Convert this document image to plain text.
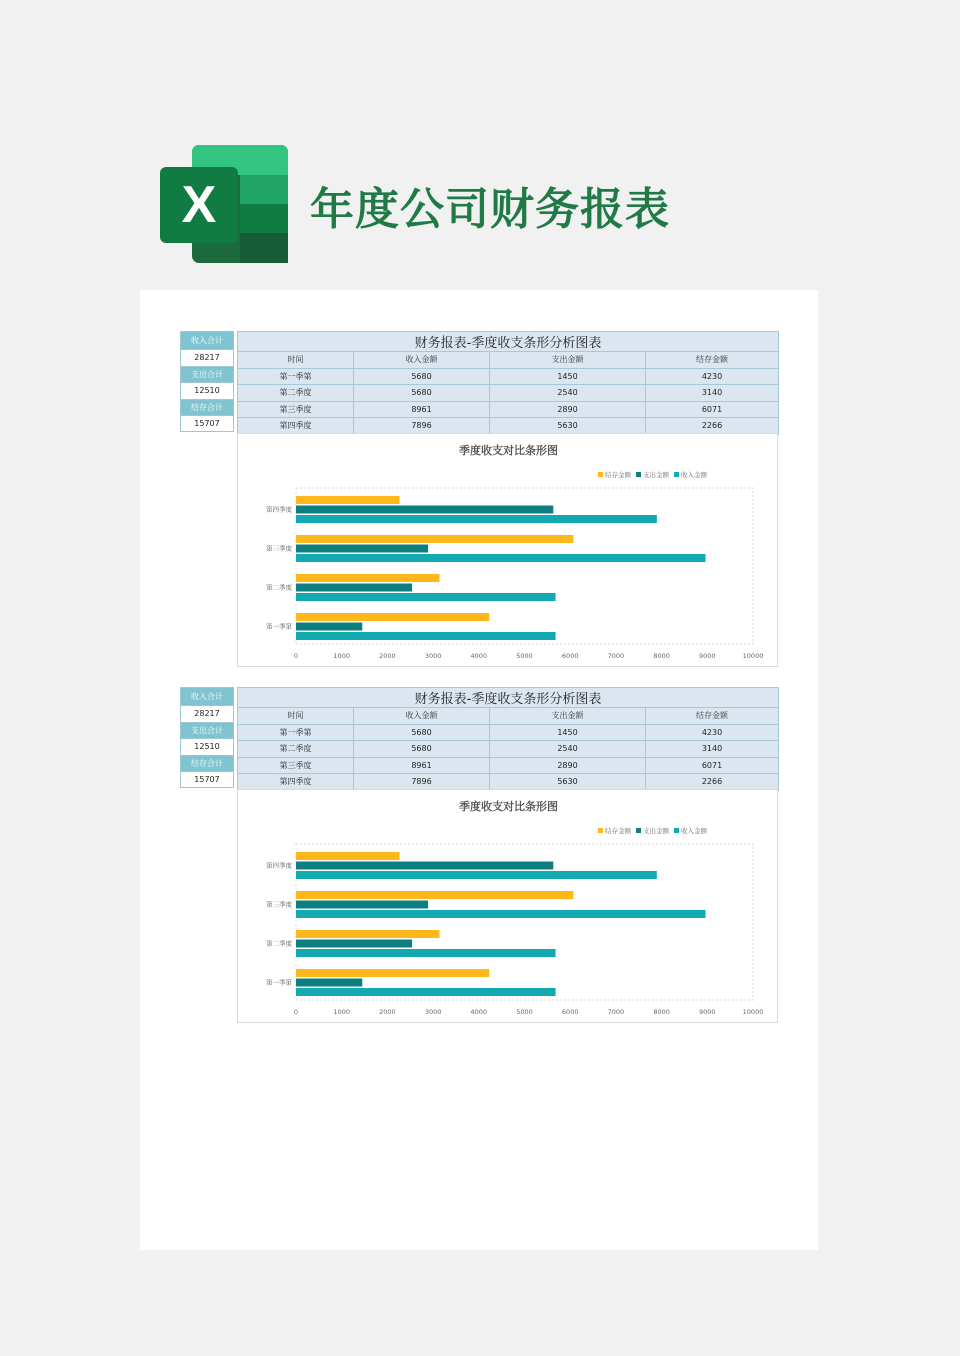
X 年度公司财务报表
收入合计
28217
支出合计
12510
结存合计
15707
财务报表-季度收支条形分析图表			
时间	收入金额	支出金额	结存金额
第一季第	5680	1450	4230
第二季度	5680	2540	3140
第三季度	8961	2890	6071
第四季度	7896	5630	2266
季度收支对比条形图
结存金额 支出金额 收入金额
第一季第
第二季度
第三季度
第四季度
0	1000	2000	3000	4000	5000	6000	7000	8000	9000	10000
收入合计
28217
支出合计
12510
结存合计
15707
财务报表-季度收支条形分析图表			
时间	收入金额	支出金额	结存金额
第一季第	5680	1450	4230
第二季度	5680	2540	3140
第三季度	8961	2890	6071
第四季度	7896	5630	2266
季度收支对比条形图
结存金额 支出金额 收入金额
第一季第
第二季度
第三季度
第四季度
0	1000	2000	3000	4000	5000	6000	7000	8000	9000	10000
